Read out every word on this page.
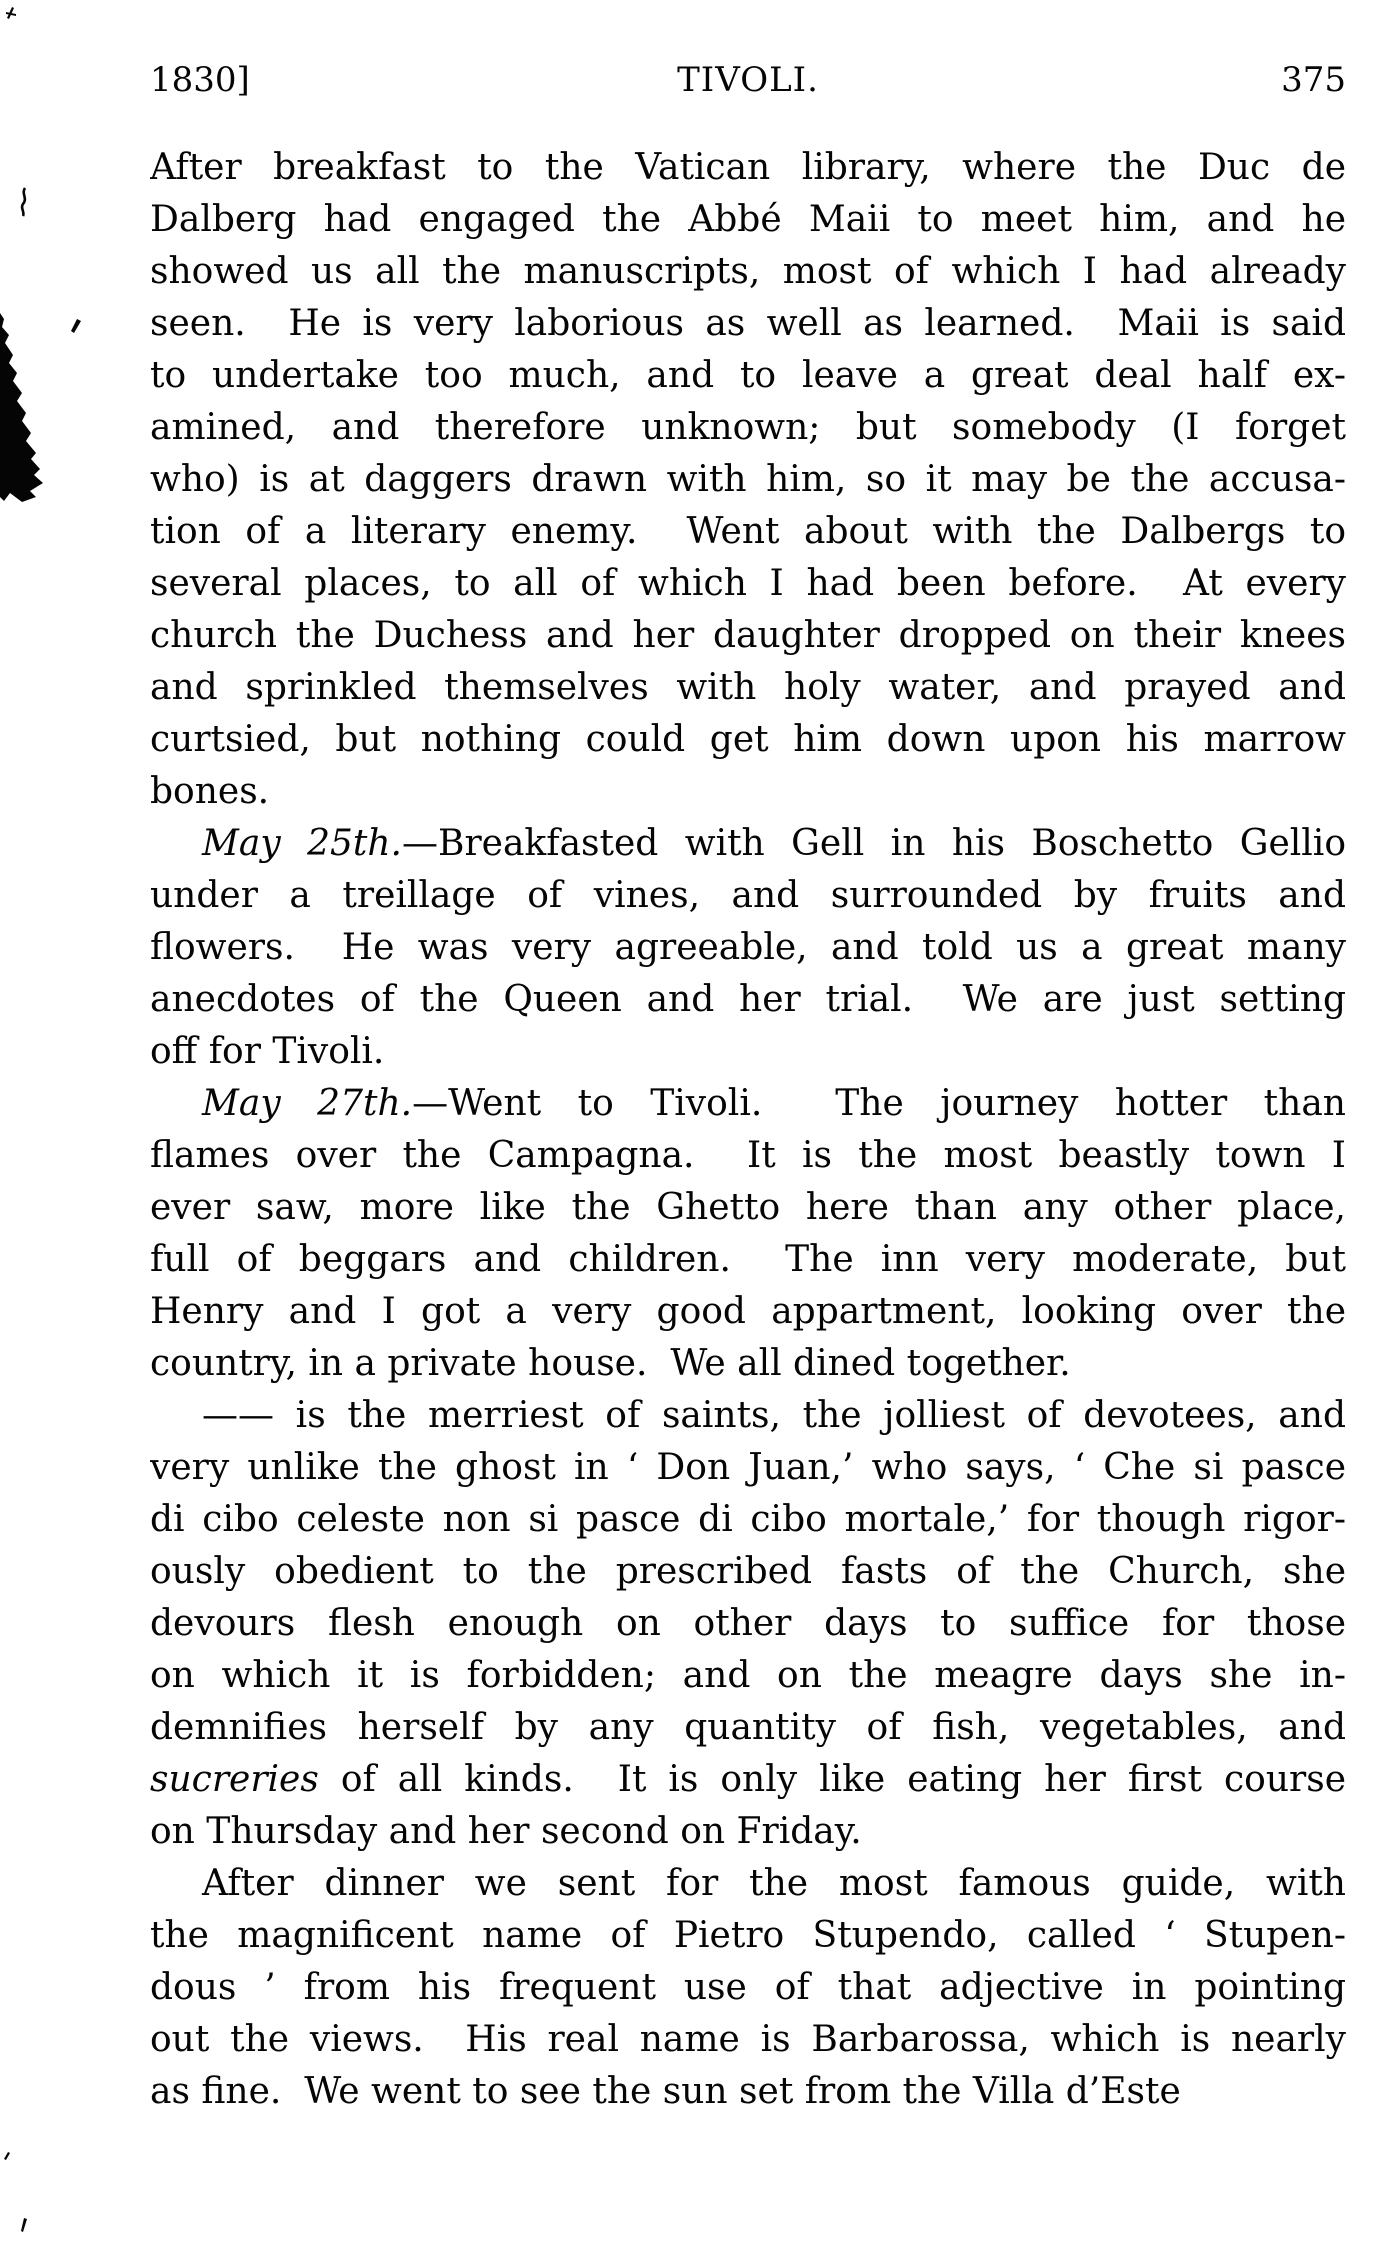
1830]	TIVOLI.	375
After breakfast to the Vatican library, where the Duc de
Dalberg had engaged the Abbé Maii to meet him, and he
showed us all the manuscripts, most of which I had already
seen.  He is very laborious as well as learned.  Maii is said
to undertake too much, and to leave a great deal half ex-
amined, and therefore unknown; but somebody (I forget
who) is at daggers drawn with him, so it may be the accusa-
tion of a literary enemy.  Went about with the Dalbergs to
several places, to all of which I had been before.  At every
church the Duchess and her daughter dropped on their knees
and sprinkled themselves with holy water, and prayed and
curtsied, but nothing could get him down upon his marrow
bones.
May 25th.—Breakfasted with Gell in his Boschetto Gellio
under a treillage of vines, and surrounded by fruits and
flowers.  He was very agreeable, and told us a great many
anecdotes of the Queen and her trial.  We are just setting
off for Tivoli.
May 27th.—Went to Tivoli.  The journey hotter than
flames over the Campagna.  It is the most beastly town I
ever saw, more like the Ghetto here than any other place,
full of beggars and children.  The inn very moderate, but
Henry and I got a very good appartment, looking over the
country, in a private house.  We all dined together.
—— is the merriest of saints, the jolliest of devotees, and
very unlike the ghost in ‘ Don Juan,’ who says, ‘ Che si pasce
di cibo celeste non si pasce di cibo mortale,’ for though rigor-
ously obedient to the prescribed fasts of the Church, she
devours flesh enough on other days to suffice for those
on which it is forbidden; and on the meagre days she in-
demnifies herself by any quantity of fish, vegetables, and
sucreries of all kinds.  It is only like eating her first course
on Thursday and her second on Friday.
After dinner we sent for the most famous guide, with
the magnificent name of Pietro Stupendo, called ‘ Stupen-
dous ’ from his frequent use of that adjective in pointing
out the views.  His real name is Barbarossa, which is nearly
as fine.  We went to see the sun set from the Villa d’Este
